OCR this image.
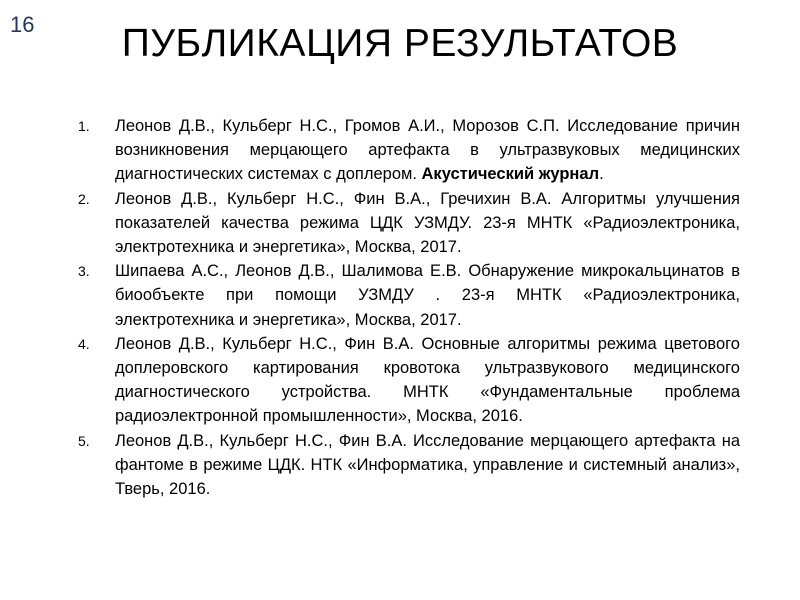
16	ПУБЛИКАЦИЯ РЕЗУЛЬТАТОВ
1. Леонов Д.В., Кульберг Н.С., Громов А.И., Морозов С.П. Исследование причин возникновения мерцающего артефакта в ультразвуковых медицинских диагностических системах с доплером. Акустический журнал.
2. Леонов Д.В., Кульберг Н.С., Фин В.А., Гречихин В.А. Алгоритмы улучшения показателей качества режима ЦДК УЗМДУ. 23-я МНТК «Радиоэлектроника, электротехника и энергетика», Москва, 2017.
3. Шипаева А.С., Леонов Д.В., Шалимова Е.В. Обнаружение микрокальцинатов в биообъекте при помощи УЗМДУ . 23-я МНТК «Радиоэлектроника, электротехника и энергетика», Москва, 2017.
4. Леонов Д.В., Кульберг Н.С., Фин В.А. Основные алгоритмы режима цветового доплеровского картирования кровотока ультразвукового медицинского диагностического устройства. МНТК «Фундаментальные проблема радиоэлектронной промышленности», Москва, 2016.
5. Леонов Д.В., Кульберг Н.С., Фин В.А. Исследование мерцающего артефакта на фантоме в режиме ЦДК. НТК «Информатика, управление и системный анализ», Тверь, 2016.
